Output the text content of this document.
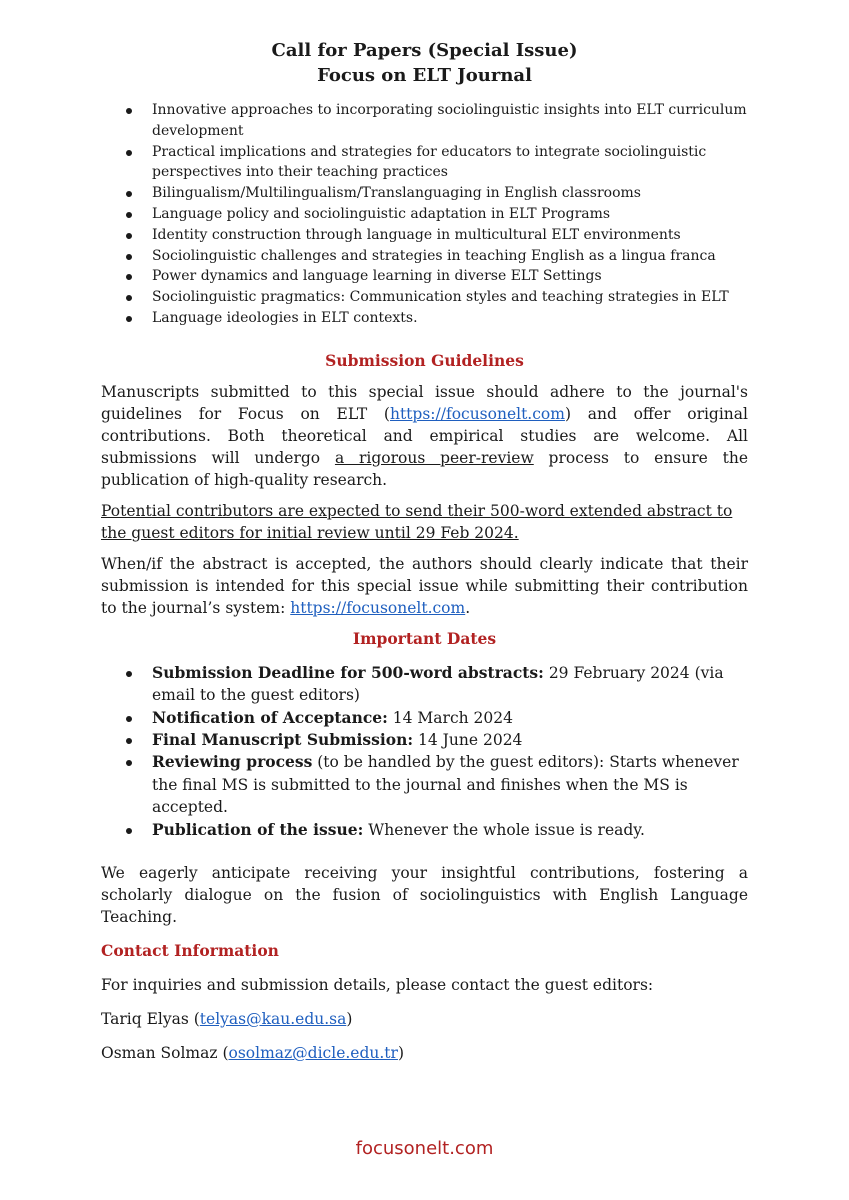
Call for Papers (Special Issue)
Focus on ELT Journal
Innovative approaches to incorporating sociolinguistic insights into ELT curriculum development
Practical implications and strategies for educators to integrate sociolinguistic perspectives into their teaching practices
Bilingualism/Multilingualism/Translanguaging in English classrooms
Language policy and sociolinguistic adaptation in ELT Programs
Identity construction through language in multicultural ELT environments
Sociolinguistic challenges and strategies in teaching English as a lingua franca
Power dynamics and language learning in diverse ELT Settings
Sociolinguistic pragmatics: Communication styles and teaching strategies in ELT
Language ideologies in ELT contexts.
Submission Guidelines

Manuscripts submitted to this special issue should adhere to the journal's guidelines for Focus on ELT (https://focusonelt.com) and offer original contributions. Both theoretical and empirical studies are welcome. All submissions will undergo a rigorous peer-review process to ensure the publication of high-quality research.

Potential contributors are expected to send their 500-word extended abstract to the guest editors for initial review until 29 Feb 2024.

When/if the abstract is accepted, the authors should clearly indicate that their submission is intended for this special issue while submitting their contribution to the journal’s system: https://focusonelt.com.

Important Dates
Submission Deadline for 500-word abstracts: 29 February 2024 (via email to the guest editors)
Notification of Acceptance: 14 March 2024
Final Manuscript Submission: 14 June 2024
Reviewing process (to be handled by the guest editors): Starts whenever the final MS is submitted to the journal and finishes when the MS is accepted.
Publication of the issue: Whenever the whole issue is ready.

We eagerly anticipate receiving your insightful contributions, fostering a scholarly dialogue on the fusion of sociolinguistics with English Language Teaching.

Contact Information

For inquiries and submission details, please contact the guest editors:

Tariq Elyas (telyas@kau.edu.sa)

Osman Solmaz (osolmaz@dicle.edu.tr)

focusonelt.com
